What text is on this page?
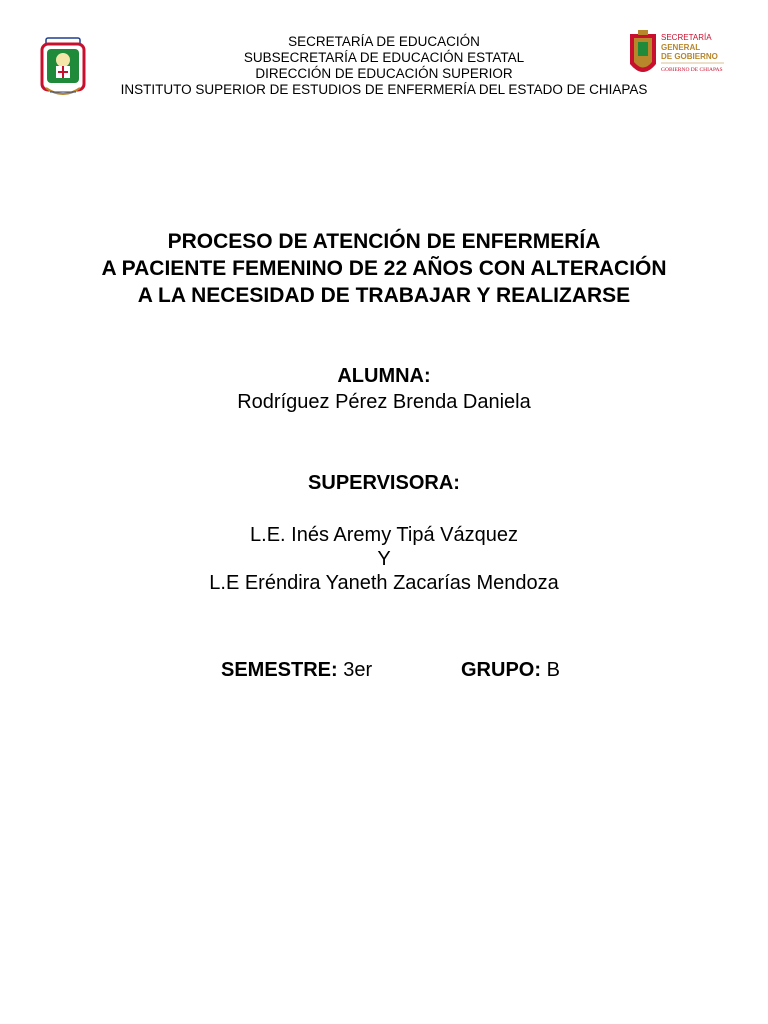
SECRETARÍA
GENERAL
DE GOBIERNO
GOBIERNO DE CHIAPAS
SECRETARÍA DE EDUCACIÓN
SUBSECRETARÍA DE EDUCACIÓN ESTATAL
DIRECCIÓN DE EDUCACIÓN SUPERIOR
INSTITUTO SUPERIOR DE ESTUDIOS DE ENFERMERÍA DEL ESTADO DE CHIAPAS
PROCESO DE ATENCIÓN DE ENFERMERÍA
A PACIENTE FEMENINO DE 22 AÑOS CON ALTERACIÓN
A LA NECESIDAD DE TRABAJAR Y REALIZARSE
ALUMNA:
Rodríguez Pérez Brenda Daniela
SUPERVISORA:
L.E. Inés Aremy Tipá Vázquez
Y
L.E Eréndira Yaneth Zacarías Mendoza
SEMESTRE: 3er	GRUPO: B
